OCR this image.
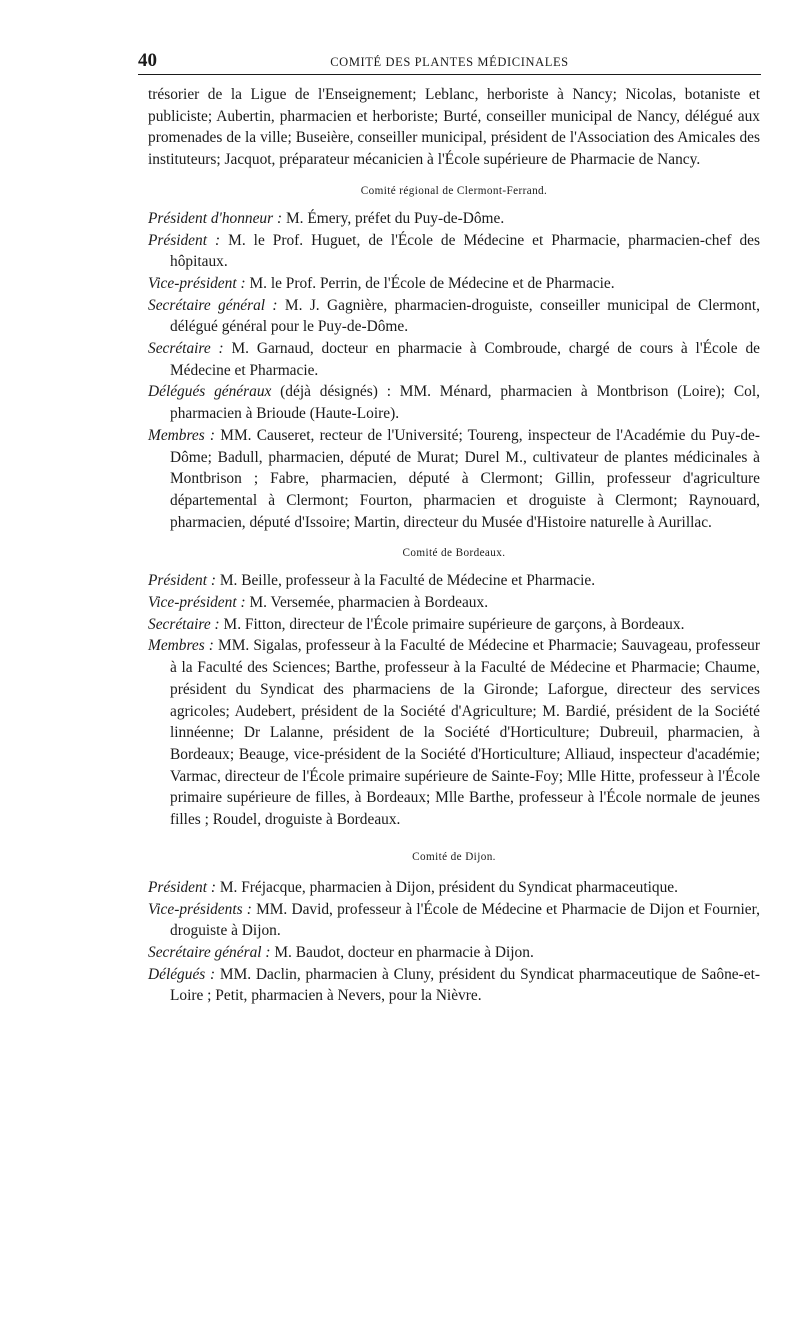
40	COMITÉ DES PLANTES MÉDICINALES

trésorier de la Ligue de l'Enseignement; Leblanc, herboriste à Nancy; Nicolas, botaniste et publiciste; Aubertin, pharmacien et herboriste; Burté, conseiller municipal de Nancy, délégué aux promenades de la ville; Buseière, conseiller municipal, président de l'Association des Amicales des instituteurs; Jacquot, préparateur mécanicien à l'École supérieure de Pharmacie de Nancy.

Comité régional de Clermont-Ferrand.

Président d'honneur : M. Émery, préfet du Puy-de-Dôme.

Président : M. le Prof. Huguet, de l'École de Médecine et Pharmacie, pharmacien-chef des hôpitaux.

Vice-président : M. le Prof. Perrin, de l'École de Médecine et de Pharmacie.

Secrétaire général : M. J. Gagnière, pharmacien-droguiste, conseiller municipal de Clermont, délégué général pour le Puy-de-Dôme.

Secrétaire : M. Garnaud, docteur en pharmacie à Combroude, chargé de cours à l'École de Médecine et Pharmacie.

Délégués généraux (déjà désignés) : MM. Ménard, pharmacien à Montbrison (Loire); Col, pharmacien à Brioude (Haute-Loire).

Membres : MM. Causeret, recteur de l'Université; Toureng, inspecteur de l'Académie du Puy-de-Dôme; Badull, pharmacien, député de Murat; Durel M., cultivateur de plantes médicinales à Montbrison ; Fabre, pharmacien, député à Clermont; Gillin, professeur d'agriculture départemental à Clermont; Fourton, pharmacien et droguiste à Clermont; Raynouard, pharmacien, député d'Issoire; Martin, directeur du Musée d'Histoire naturelle à Aurillac.

Comité de Bordeaux.

Président : M. Beille, professeur à la Faculté de Médecine et Pharmacie.

Vice-président : M. Versemée, pharmacien à Bordeaux.

Secrétaire : M. Fitton, directeur de l'École primaire supérieure de garçons, à Bordeaux.

Membres : MM. Sigalas, professeur à la Faculté de Médecine et Pharmacie; Sauvageau, professeur à la Faculté des Sciences; Barthe, professeur à la Faculté de Médecine et Pharmacie; Chaume, président du Syndicat des pharmaciens de la Gironde; Laforgue, directeur des services agricoles; Audebert, président de la Société d'Agriculture; M. Bardié, président de la Société linnéenne; Dr Lalanne, président de la Société d'Horticulture; Dubreuil, pharmacien, à Bordeaux; Beauge, vice-président de la Société d'Horticulture; Alliaud, inspecteur d'académie; Varmac, directeur de l'École primaire supérieure de Sainte-Foy; Mlle Hitte, professeur à l'École primaire supérieure de filles, à Bordeaux; Mlle Barthe, professeur à l'École normale de jeunes filles ; Roudel, droguiste à Bordeaux.

Comité de Dijon.

Président : M. Fréjacque, pharmacien à Dijon, président du Syndicat pharmaceutique.

Vice-présidents : MM. David, professeur à l'École de Médecine et Pharmacie de Dijon et Fournier, droguiste à Dijon.

Secrétaire général : M. Baudot, docteur en pharmacie à Dijon.

Délégués : MM. Daclin, pharmacien à Cluny, président du Syndicat pharmaceutique de Saône-et-Loire ; Petit, pharmacien à Nevers, pour la Nièvre.
